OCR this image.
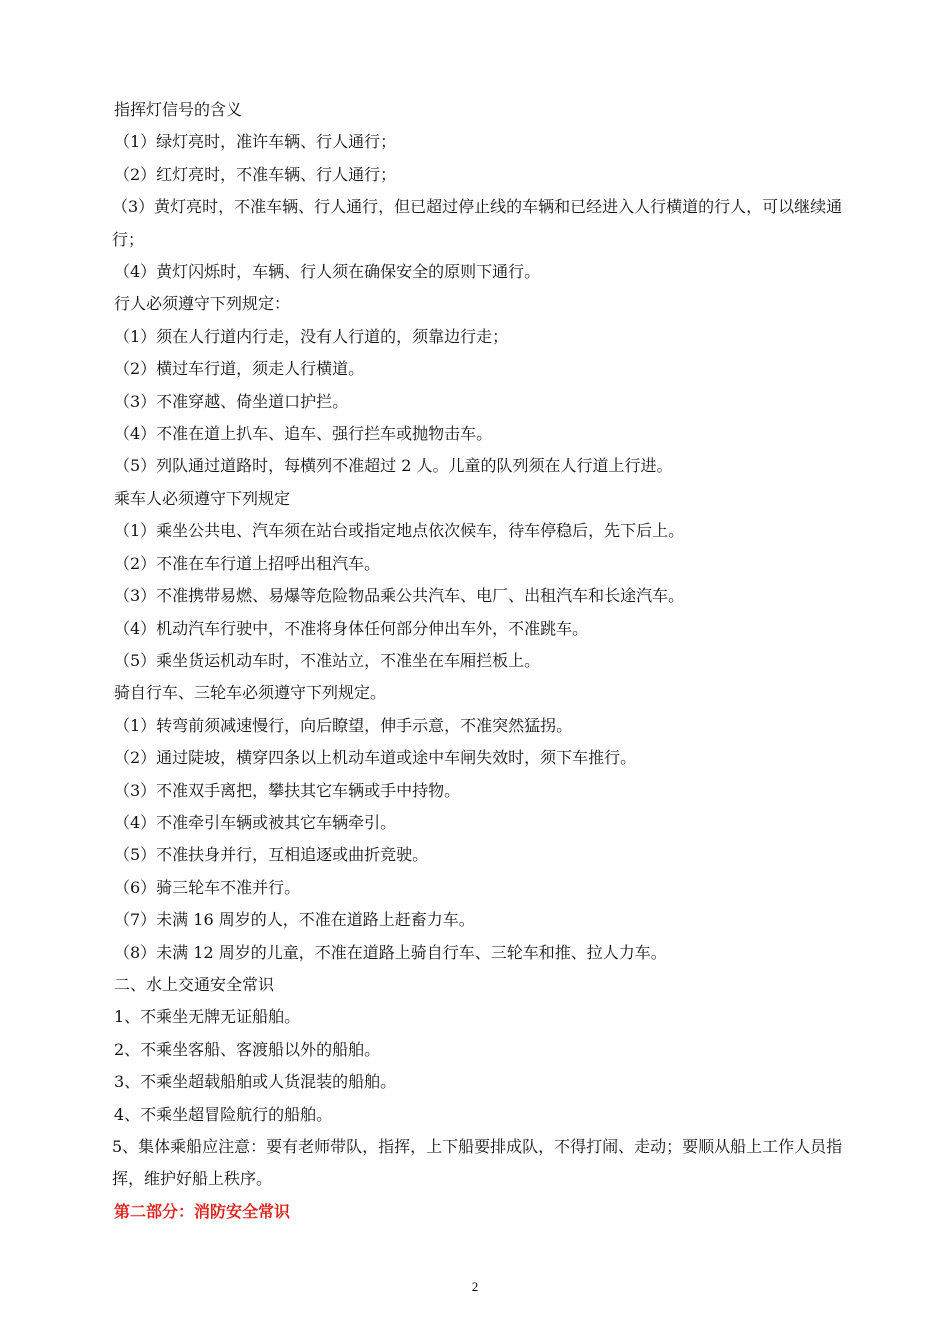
指挥灯信号的含义

（1）绿灯亮时，准许车辆、行人通行；

（2）红灯亮时，不准车辆、行人通行；

（3）黄灯亮时，不准车辆、行人通行，但已超过停止线的车辆和已经进入人行横道的行人，可以继续通行；

（4）黄灯闪烁时，车辆、行人须在确保安全的原则下通行。

行人必须遵守下列规定：

（1）须在人行道内行走，没有人行道的，须靠边行走；

（2）横过车行道，须走人行横道。

（3）不准穿越、倚坐道口护拦。

（4）不准在道上扒车、追车、强行拦车或抛物击车。

（5）列队通过道路时，每横列不准超过 2 人。儿童的队列须在人行道上行进。

乘车人必须遵守下列规定

（1）乘坐公共电、汽车须在站台或指定地点依次候车，待车停稳后，先下后上。

（2）不准在车行道上招呼出租汽车。

（3）不准携带易燃、易爆等危险物品乘公共汽车、电厂、出租汽车和长途汽车。

（4）机动汽车行驶中，不准将身体任何部分伸出车外，不准跳车。

（5）乘坐货运机动车时，不准站立，不准坐在车厢拦板上。

骑自行车、三轮车必须遵守下列规定。

（1）转弯前须减速慢行，向后瞭望，伸手示意，不准突然猛拐。

（2）通过陡坡，横穿四条以上机动车道或途中车闸失效时，须下车推行。

（3）不准双手离把，攀扶其它车辆或手中持物。

（4）不准牵引车辆或被其它车辆牵引。

（5）不准扶身并行，互相追逐或曲折竞驶。

（6）骑三轮车不准并行。

（7）未满 16 周岁的人，不准在道路上赶畜力车。

（8）未满 12 周岁的儿童，不准在道路上骑自行车、三轮车和推、拉人力车。

二、水上交通安全常识

1、不乘坐无牌无证船舶。

2、不乘坐客船、客渡船以外的船舶。

3、不乘坐超载船舶或人货混装的船舶。

4、不乘坐超冒险航行的船舶。

5、集体乘船应注意：要有老师带队，指挥，上下船要排成队，不得打闹、走动；要顺从船上工作人员指挥，维护好船上秩序。

第二部分：消防安全常识

2
